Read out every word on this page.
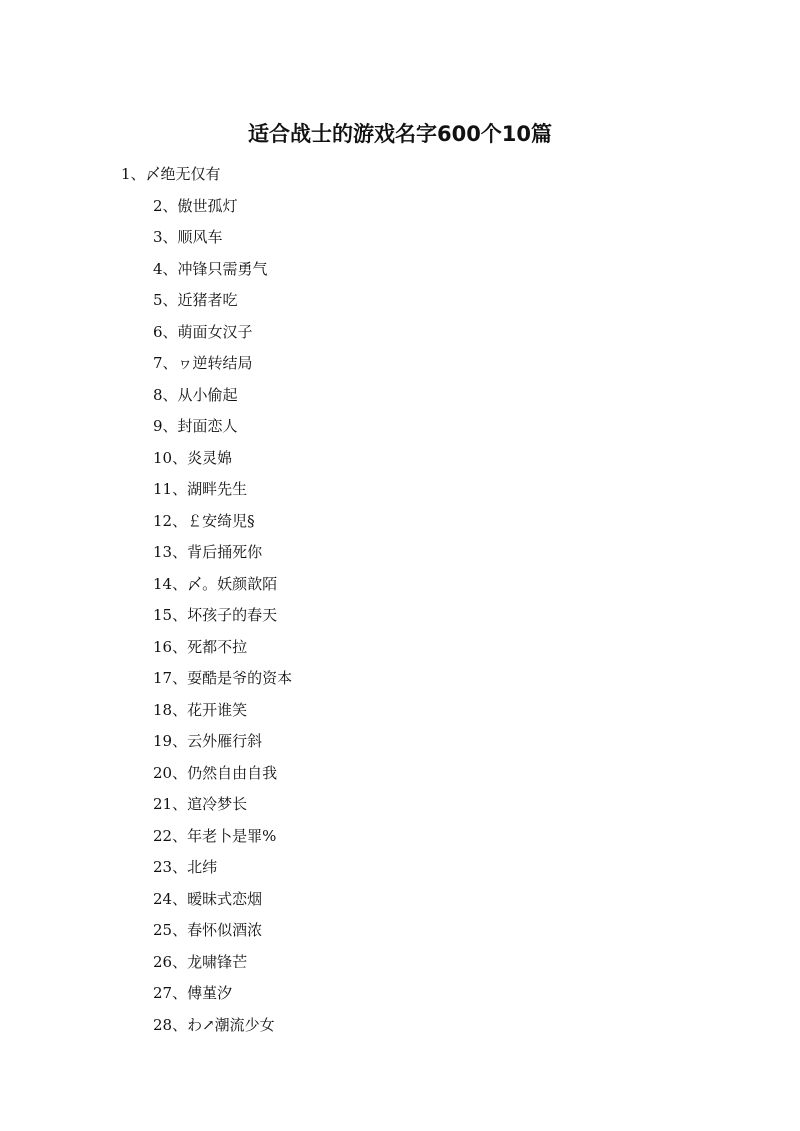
适合战士的游戏名字600个10篇
1、〆绝无仅有
2、傲世孤灯
3、顺风车
4、冲锋只需勇气
5、近猪者吃
6、萌面女汉子
7、ヮ逆转结局
8、从小偷起
9、封面恋人
10、炎灵婂
11、湖畔先生
12、￡安绮児§
13、背后捅死你
14、〆。妖颜歆陌
15、坏孩子的春天
16、死都不拉
17、耍酷是爷的资本
18、花开谁笑
19、云外雁行斜
20、仍然自由自我
21、逭冷梦长
22、年老卜是罪%
23、北纬
24、暧昧式恋烟
25、春怀似酒浓
26、龙啸锋芒
27、傅堇汐
28、わ↗潮流少女
